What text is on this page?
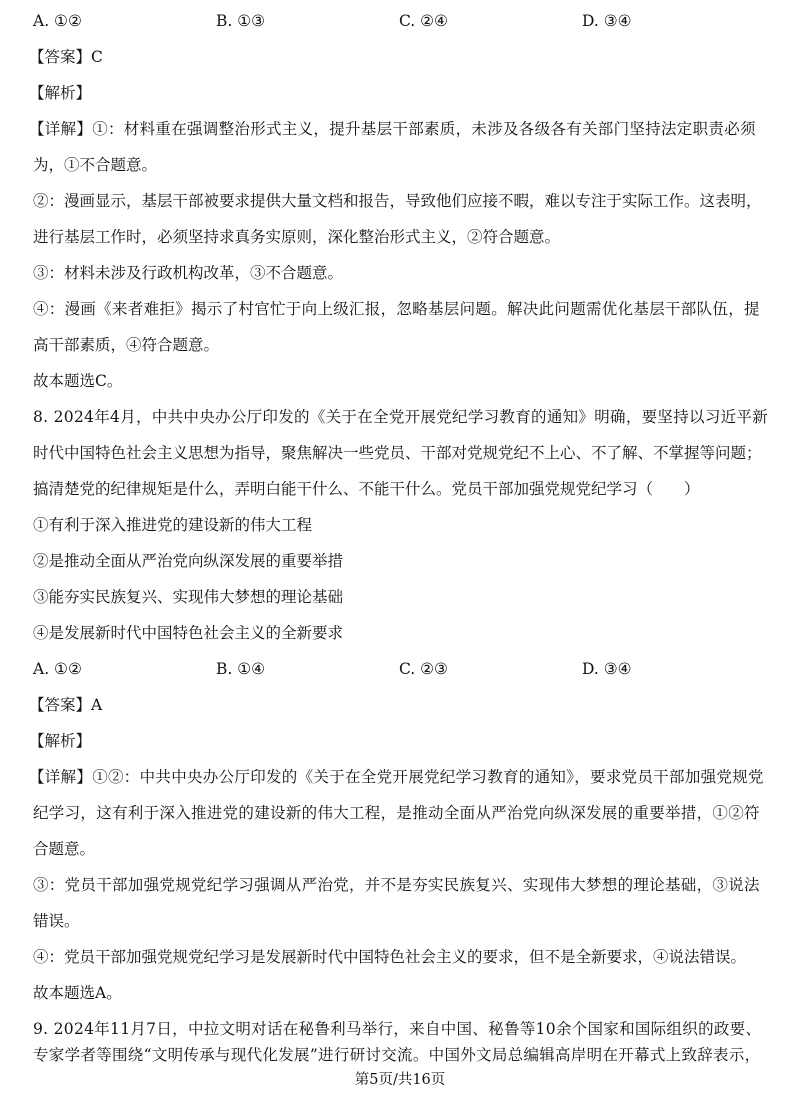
A. ①②	B. ①③	C. ②④	D. ③④
【答案】C
【解析】
【详解】①：材料重在强调整治形式主义，提升基层干部素质，未涉及各级各有关部门坚持法定职责必须
为，①不合题意。
②：漫画显示，基层干部被要求提供大量文档和报告，导致他们应接不暇，难以专注于实际工作。这表明，
进行基层工作时，必须坚持求真务实原则，深化整治形式主义，②符合题意。
③：材料未涉及行政机构改革，③不合题意。
④：漫画《来者难拒》揭示了村官忙于向上级汇报，忽略基层问题。解决此问题需优化基层干部队伍，提
高干部素质，④符合题意。
故本题选C。
8. 2024年4月，中共中央办公厅印发的《关于在全党开展党纪学习教育的通知》明确，要坚持以习近平新
时代中国特色社会主义思想为指导，聚焦解决一些党员、干部对党规党纪不上心、不了解、不掌握等问题；
搞清楚党的纪律规矩是什么，弄明白能干什么、不能干什么。党员干部加强党规党纪学习（　　）
①有利于深入推进党的建设新的伟大工程
②是推动全面从严治党向纵深发展的重要举措
③能夯实民族复兴、实现伟大梦想的理论基础
④是发展新时代中国特色社会主义的全新要求
A. ①②	B. ①④	C. ②③	D. ③④
【答案】A
【解析】
【详解】①②：中共中央办公厅印发的《关于在全党开展党纪学习教育的通知》，要求党员干部加强党规党
纪学习，这有利于深入推进党的建设新的伟大工程，是推动全面从严治党向纵深发展的重要举措，①②符
合题意。
③：党员干部加强党规党纪学习强调从严治党，并不是夯实民族复兴、实现伟大梦想的理论基础，③说法
错误。
④：党员干部加强党规党纪学习是发展新时代中国特色社会主义的要求，但不是全新要求，④说法错误。
故本题选A。
9. 2024年11月7日，中拉文明对话在秘鲁利马举行，来自中国、秘鲁等10余个国家和国际组织的政要、
专家学者等围绕“文明传承与现代化发展”进行研讨交流。中国外文局总编辑高岸明在开幕式上致辞表示，
第5页/共16页
